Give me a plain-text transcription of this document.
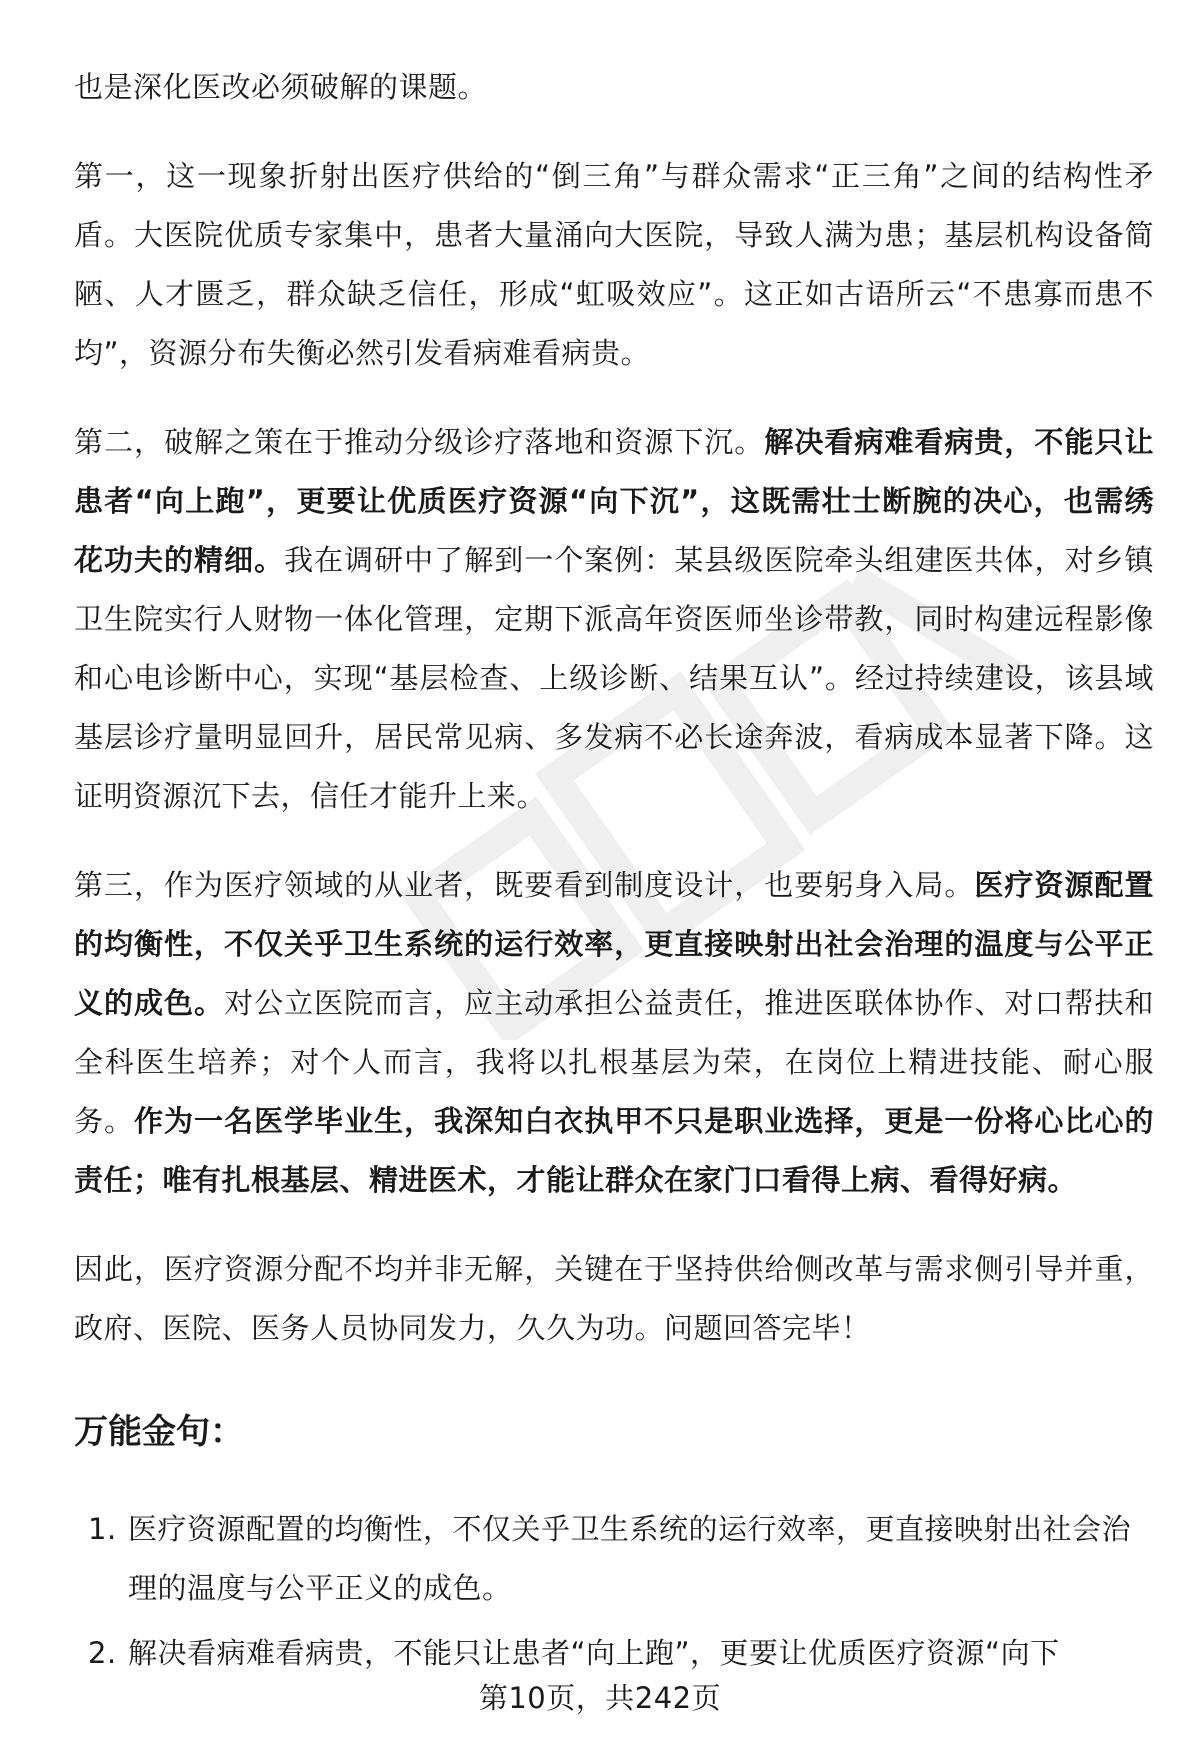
也是深化医改必须破解的课题。

第一，这一现象折射出医疗供给的“倒三角”与群众需求“正三角”之间的结构性矛盾。大医院优质专家集中，患者大量涌向大医院，导致人满为患；基层机构设备简陋、人才匮乏，群众缺乏信任，形成“虹吸效应”。这正如古语所云“不患寡而患不均”，资源分布失衡必然引发看病难看病贵。

第二，破解之策在于推动分级诊疗落地和资源下沉。解决看病难看病贵，不能只让患者“向上跑”，更要让优质医疗资源“向下沉”，这既需壮士断腕的决心，也需绣花功夫的精细。我在调研中了解到一个案例：某县级医院牵头组建医共体，对乡镇卫生院实行人财物一体化管理，定期下派高年资医师坐诊带教，同时构建远程影像和心电诊断中心，实现“基层检查、上级诊断、结果互认”。经过持续建设，该县域基层诊疗量明显回升，居民常见病、多发病不必长途奔波，看病成本显著下降。这证明资源沉下去，信任才能升上来。

第三，作为医疗领域的从业者，既要看到制度设计，也要躬身入局。医疗资源配置的均衡性，不仅关乎卫生系统的运行效率，更直接映射出社会治理的温度与公平正义的成色。对公立医院而言，应主动承担公益责任，推进医联体协作、对口帮扶和全科医生培养；对个人而言，我将以扎根基层为荣，在岗位上精进技能、耐心服务。作为一名医学毕业生，我深知白衣执甲不只是职业选择，更是一份将心比心的责任；唯有扎根基层、精进医术，才能让群众在家门口看得上病、看得好病。

因此，医疗资源分配不均并非无解，关键在于坚持供给侧改革与需求侧引导并重，政府、医院、医务人员协同发力，久久为功。问题回答完毕！

万能金句：
1. 医疗资源配置的均衡性，不仅关乎卫生系统的运行效率，更直接映射出社会治理的温度与公平正义的成色。
2. 解决看病难看病贵，不能只让患者“向上跑”，更要让优质医疗资源“向下
第10页，共242页
